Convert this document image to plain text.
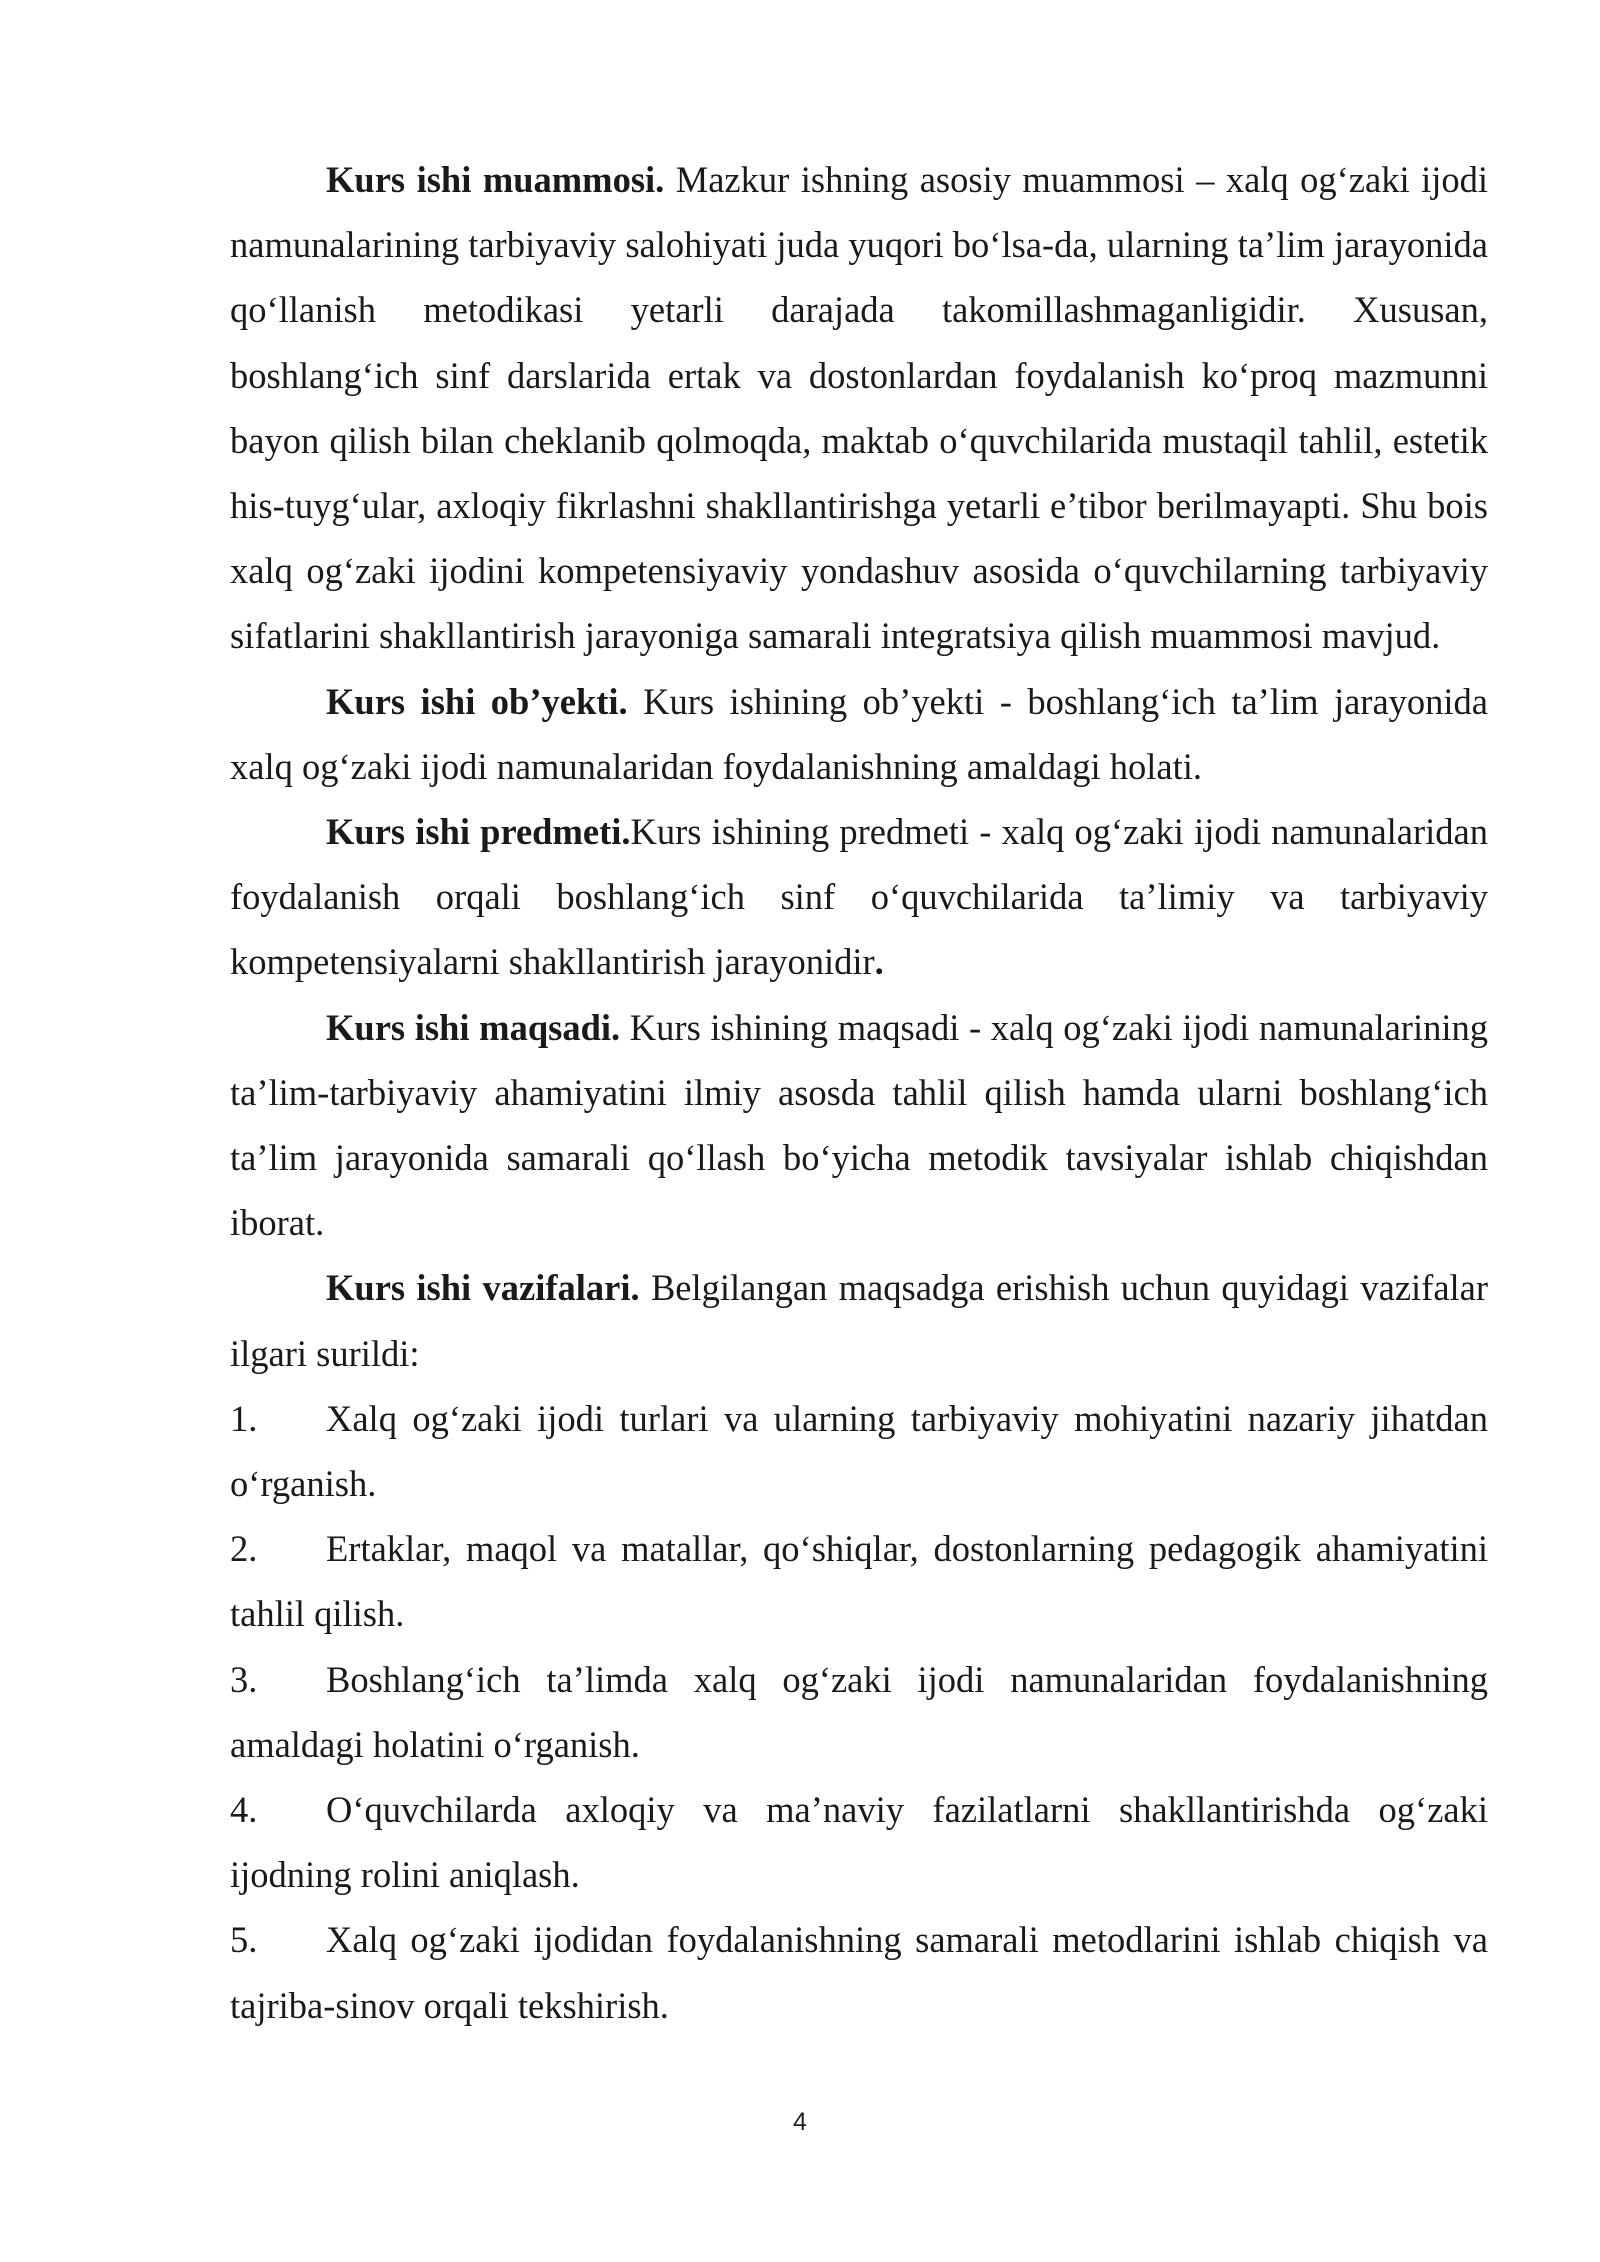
Kurs ishi muammosi. Mazkur ishning asosiy muammosi – xalq og‘zaki ijodi namunalarining tarbiyaviy salohiyati juda yuqori bo‘lsa-da, ularning ta’lim jarayonida qo‘llanish metodikasi yetarli darajada takomillashmaganligidir. Xususan, boshlang‘ich sinf darslarida ertak va dostonlardan foydalanish ko‘proq mazmunni bayon qilish bilan cheklanib qolmoqda, maktab o‘quvchilarida mustaqil tahlil, estetik his-tuyg‘ular, axloqiy fikrlashni shakllantirishga yetarli e’tibor berilmayapti. Shu bois xalq og‘zaki ijodini kompetensiyaviy yondashuv asosida o‘quvchilarning tarbiyaviy sifatlarini shakllantirish jarayoniga samarali integratsiya qilish muammosi mavjud.

Kurs ishi ob’yekti. Kurs ishining ob’yekti - boshlang‘ich ta’lim jarayonida xalq og‘zaki ijodi namunalaridan foydalanishning amaldagi holati.

Kurs ishi predmeti.Kurs ishining predmeti - xalq og‘zaki ijodi namunalaridan foydalanish orqali boshlang‘ich sinf o‘quvchilarida ta’limiy va tarbiyaviy kompetensiyalarni shakllantirish jarayonidir.

Kurs ishi maqsadi. Kurs ishining maqsadi - xalq og‘zaki ijodi namunalarining ta’lim-tarbiyaviy ahamiyatini ilmiy asosda tahlil qilish hamda ularni boshlang‘ich ta’lim jarayonida samarali qo‘llash bo‘yicha metodik tavsiyalar ishlab chiqishdan iborat.

Kurs ishi vazifalari. Belgilangan maqsadga erishish uchun quyidagi vazifalar ilgari surildi:

1. Xalq og‘zaki ijodi turlari va ularning tarbiyaviy mohiyatini nazariy jihatdan o‘rganish.

2. Ertaklar, maqol va matallar, qo‘shiqlar, dostonlarning pedagogik ahamiyatini tahlil qilish.

3. Boshlang‘ich ta’limda xalq og‘zaki ijodi namunalaridan foydalanishning amaldagi holatini o‘rganish.

4. O‘quvchilarda axloqiy va ma’naviy fazilatlarni shakllantirishda og‘zaki ijodning rolini aniqlash.

5. Xalq og‘zaki ijodidan foydalanishning samarali metodlarini ishlab chiqish va tajriba-sinov orqali tekshirish.

4
